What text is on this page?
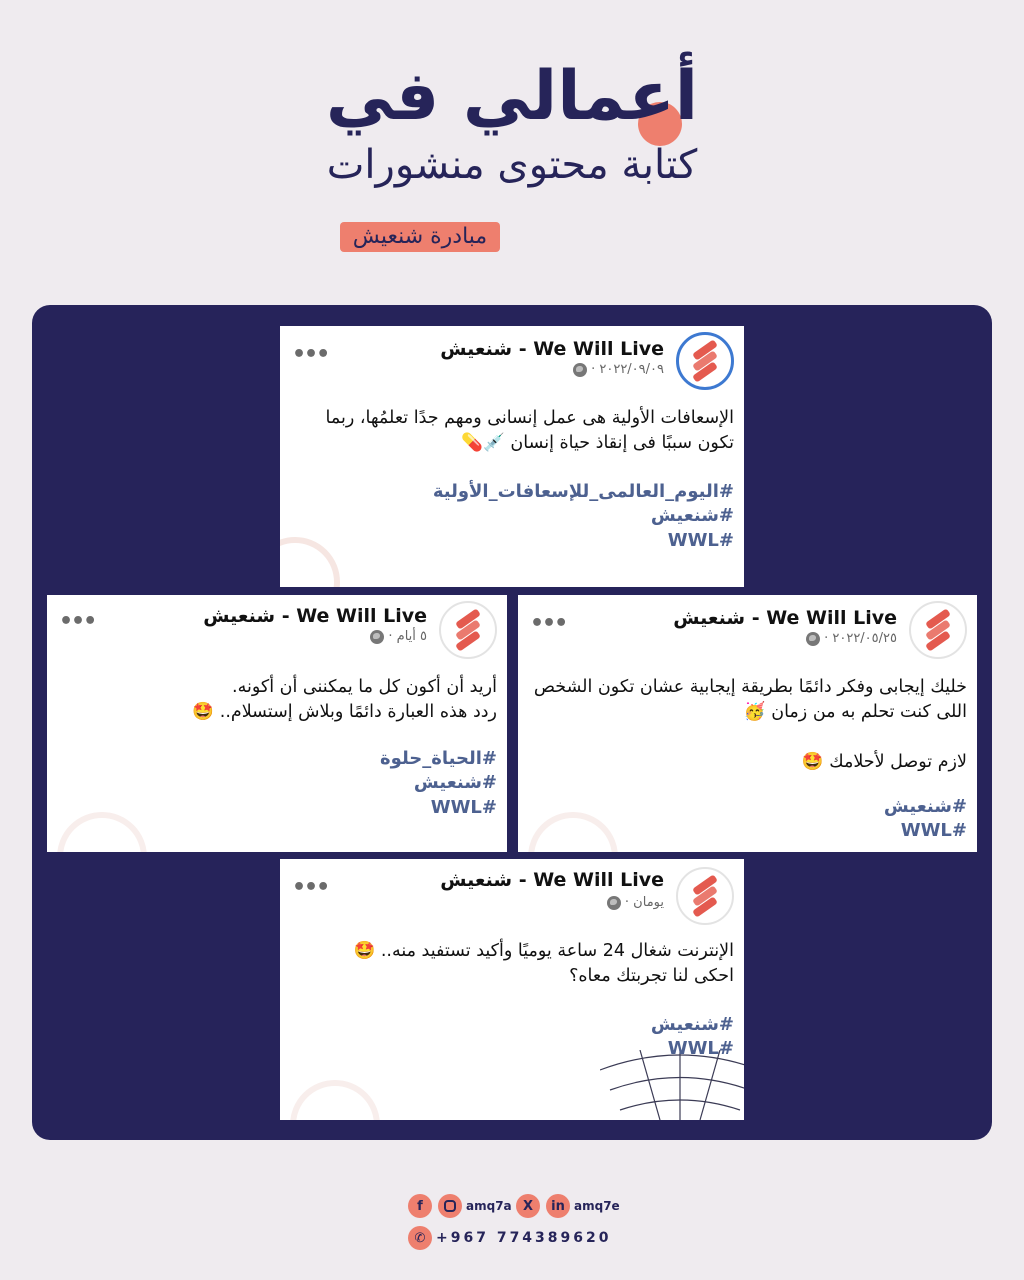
أعمالي في
كتابة محتوى منشورات
مبادرة شنعيش
We Will Live - شنعيش
٢٠٢٢/٠٩/٠٩ ·
•••
الإسعافات الأولية هى عمل إنسانى ومهم جدًا تعلمُها، ربما
تكون سببًا فى إنقاذ حياة إنسان 💉💊
#اليوم_العالمى_للإسعافات_الأولية
#شنعيش
#WWL
We Will Live - شنعيش
٢٠٢٢/٠٥/٢٥ ·
•••
خليك إيجابى وفكر دائمًا بطريقة إيجابية عشان تكون الشخص
اللى كنت تحلم به من زمان 🥳
لازم توصل لأحلامك 🤩
#شنعيش
#WWL
We Will Live - شنعيش
٥ أيام ·
•••
أريد أن أكون كل ما يمكننى أن أكونه.
ردد هذه العبارة دائمًا وبلاش إستسلام.. 🤩
#الحياة_حلوة
#شنعيش
#WWL
We Will Live - شنعيش
يومان ·
•••
الإنترنت شغال 24 ساعة يوميًا وأكيد تستفيد منه.. 🤩
احكى لنا تجربتك معاه؟
#شنعيش
#WWL
f	amq7a X	in amq7e
✆ +967 774389620
